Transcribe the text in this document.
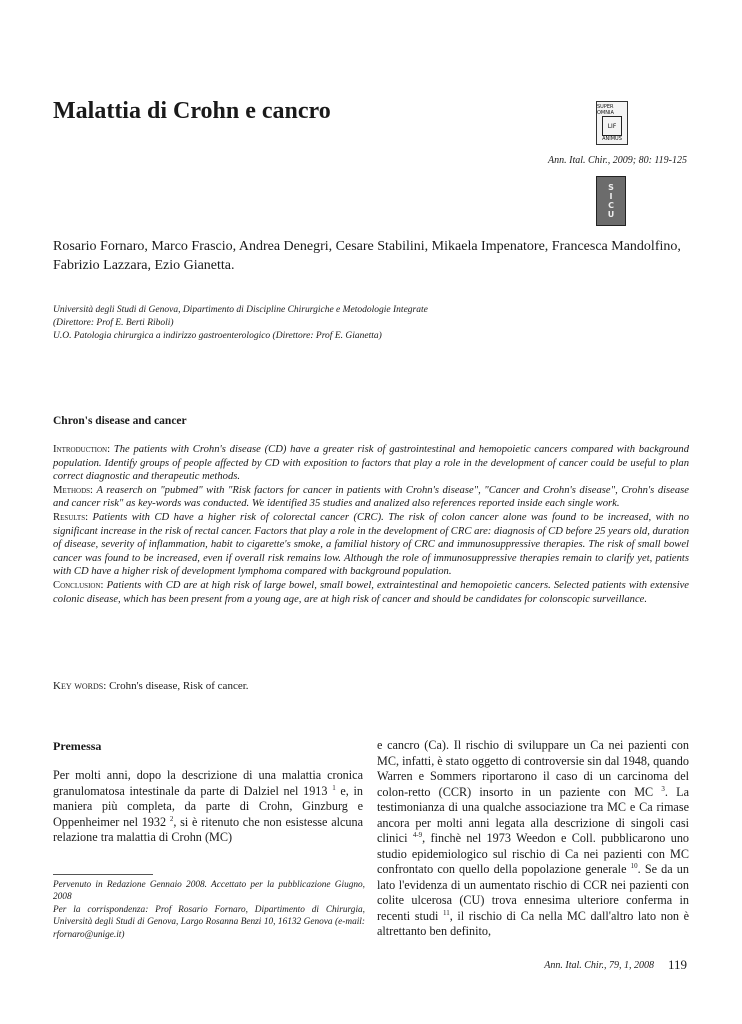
Malattia di Crohn e cancro	SUPER OMNIA
LIF
ANIMUS
Ann. Ital. Chir., 2009; 80: 119-125
S
I
C
U
Rosario Fornaro, Marco Frascio, Andrea Denegri, Cesare Stabilini, Mikaela Impenatore, Francesca Mandolfino, Fabrizio Lazzara, Ezio Gianetta.
Università degli Studi di Genova, Dipartimento di Discipline Chirurgiche e Metodologie Integrate
(Direttore: Prof E. Berti Riboli)
U.O. Patologia chirurgica a indirizzo gastroenterologico (Direttore: Prof E. Gianetta)
Chron's disease and cancer

Introduction: The patients with Crohn's disease (CD) have a greater risk of gastrointestinal and hemopoietic cancers compared with background population. Identify groups of people affected by CD with exposition to factors that play a role in the development of cancer could be useful to plan correct diagnostic and therapeutic methods.

Methods: A reaserch on "pubmed" with "Risk factors for cancer in patients with Crohn's disease", "Cancer and Crohn's disease", Crohn's disease and cancer risk" as key-words was conducted. We identified 35 studies and analized also references reported inside each single work.

Results: Patients with CD have a higher risk of colorectal cancer (CRC). The risk of colon cancer alone was found to be increased, with no significant increase in the risk of rectal cancer. Factors that play a role in the development of CRC are: diagnosis of CD before 25 years old, duration of disease, severity of inflammation, habit to cigarette's smoke, a familial history of CRC and immunosuppressive therapies. The risk of small bowel cancer was found to be increased, even if overall risk remains low. Although the role of immunosuppressive therapies remain to clarify yet, patients with CD have a higher risk of development lymphoma compared with background population.

Conclusion: Patients with CD are at high risk of large bowel, small bowel, extraintestinal and hemopoietic cancers. Selected patients with extensive colonic disease, which has been present from a young age, are at high risk of cancer and should be candidates for colonscopic surveillance.

Key words: Crohn's disease, Risk of cancer.
Premessa

Per molti anni, dopo la descrizione di una malattia cronica granulomatosa intestinale da parte di Dalziel nel 1913 $^1$ e, in maniera più completa, da parte di Crohn, Ginzburg e Oppenheimer nel 1932 $^2$, si è ritenuto che non esistesse alcuna relazione tra malattia di Crohn (MC)

Pervenuto in Redazione Gennaio 2008. Accettato per la pubblicazione Giugno, 2008

Per la corrispondenza: Prof Rosario Fornaro, Dipartimento di Chirurgia, Università degli Studi di Genova, Largo Rosanna Benzi 10, 16132 Genova (e-mail: rfornaro@unige.it)

e cancro (Ca). Il rischio di sviluppare un Ca nei pazienti con MC, infatti, è stato oggetto di controversie sin dal 1948, quando Warren e Sommers riportarono il caso di un carcinoma del colon-retto (CCR) insorto in un paziente con MC $^3$. La testimonianza di una qualche associazione tra MC e Ca rimase ancora per molti anni legata alla descrizione di singoli casi clinici $^{4-9}$, finchè nel 1973 Weedon e Coll. pubblicarono uno studio epidemiologico sul rischio di Ca nei pazienti con MC confrontato con quello della popolazione generale $^{10}$. Se da un lato l'evidenza di un aumentato rischio di CCR nei pazienti con colite ulcerosa (CU) trova ennesima ulteriore conferma in recenti studi $^{11}$, il rischio di Ca nella MC dall'altro lato non è altrettanto ben definito,

Ann. Ital. Chir., 79, 1, 2008 119
